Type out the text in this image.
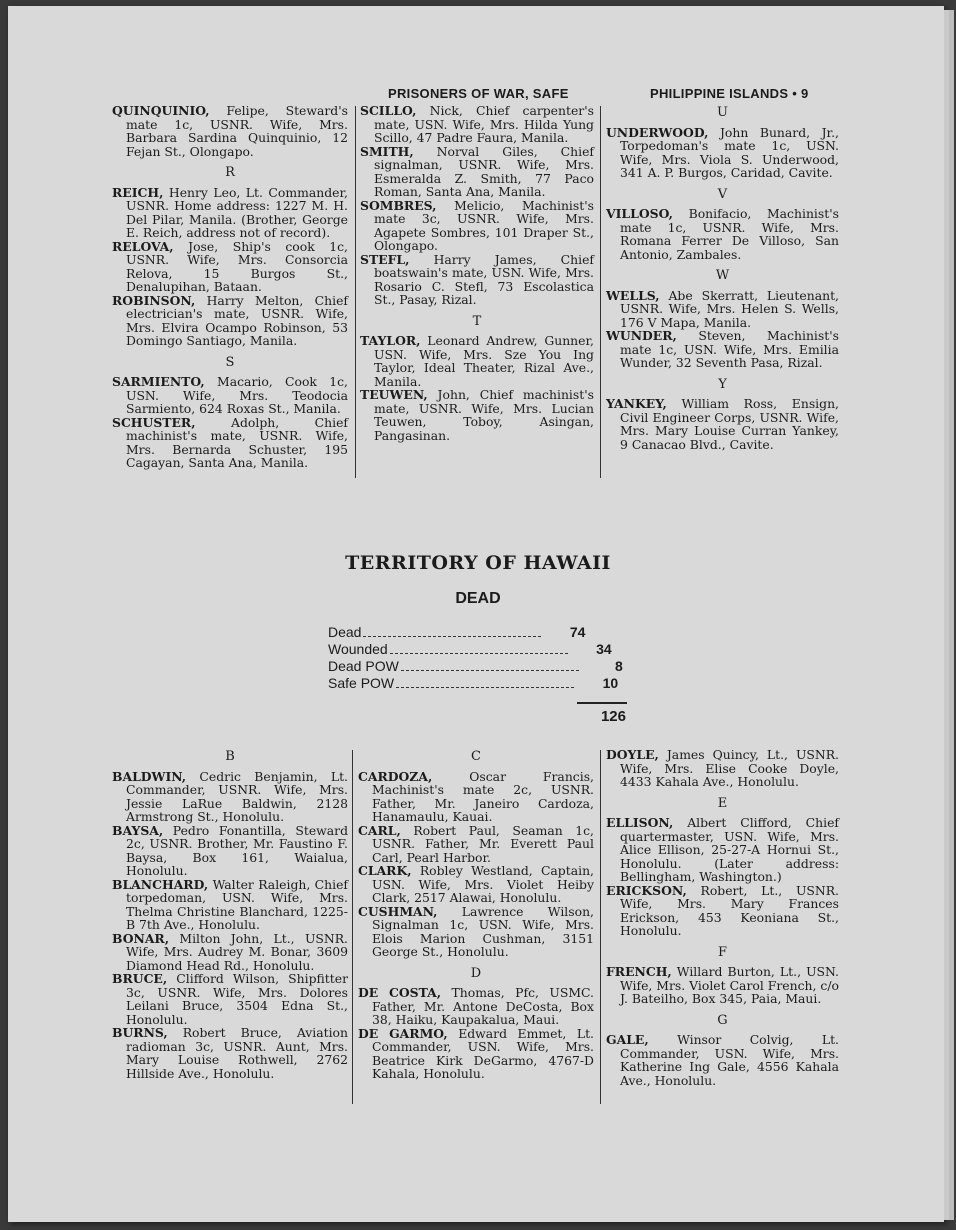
PRISONERS OF WAR, SAFE	PHILIPPINE ISLANDS • 9
QUINQUINIO, Felipe, Steward's mate 1c, USNR. Wife, Mrs. Barbara Sardina Quinquinio, 12 Fejan St., Olongapo.
R
REICH, Henry Leo, Lt. Commander, USNR. Home address: 1227 M. H. Del Pilar, Manila. (Brother, George E. Reich, address not of record).
RELOVA, Jose, Ship's cook 1c, USNR. Wife, Mrs. Consorcia Relova, 15 Burgos St., Denalupihan, Bataan.
ROBINSON, Harry Melton, Chief electrician's mate, USNR. Wife, Mrs. Elvira Ocampo Robinson, 53 Domingo Santiago, Manila.
S
SARMIENTO, Macario, Cook 1c, USN. Wife, Mrs. Teodocia Sarmiento, 624 Roxas St., Manila.
SCHUSTER, Adolph, Chief machinist's mate, USNR. Wife, Mrs. Bernarda Schuster, 195 Cagayan, Santa Ana, Manila.
SCILLO, Nick, Chief carpenter's mate, USN. Wife, Mrs. Hilda Yung Scillo, 47 Padre Faura, Manila.
SMITH, Norval Giles, Chief signalman, USNR. Wife, Mrs. Esmeralda Z. Smith, 77 Paco Roman, Santa Ana, Manila.
SOMBRES, Melicio, Machinist's mate 3c, USNR. Wife, Mrs. Agapete Sombres, 101 Draper St., Olongapo.
STEFL, Harry James, Chief boatswain's mate, USN. Wife, Mrs. Rosario C. Stefl, 73 Escolastica St., Pasay, Rizal.
T
TAYLOR, Leonard Andrew, Gunner, USN. Wife, Mrs. Sze You Ing Taylor, Ideal Theater, Rizal Ave., Manila.
TEUWEN, John, Chief machinist's mate, USNR. Wife, Mrs. Lucian Teuwen, Toboy, Asingan, Pangasinan.
U
UNDERWOOD, John Bunard, Jr., Torpedoman's mate 1c, USN. Wife, Mrs. Viola S. Underwood, 341 A. P. Burgos, Caridad, Cavite.
V
VILLOSO, Bonifacio, Machinist's mate 1c, USNR. Wife, Mrs. Romana Ferrer De Villoso, San Antonio, Zambales.
W
WELLS, Abe Skerratt, Lieutenant, USNR. Wife, Mrs. Helen S. Wells, 176 V Mapa, Manila.
WUNDER, Steven, Machinist's mate 1c, USN. Wife, Mrs. Emilia Wunder, 32 Seventh Pasa, Rizal.
Y
YANKEY, William Ross, Ensign, Civil Engineer Corps, USNR. Wife, Mrs. Mary Louise Curran Yankey, 9 Canacao Blvd., Cavite.
TERRITORY OF HAWAII
DEAD
Dead	74
Wounded	34
Dead POW	8
Safe POW	10
126
B
BALDWIN, Cedric Benjamin, Lt. Commander, USNR. Wife, Mrs. Jessie LaRue Baldwin, 2128 Armstrong St., Honolulu.
BAYSA, Pedro Fonantilla, Steward 2c, USNR. Brother, Mr. Faustino F. Baysa, Box 161, Waialua, Honolulu.
BLANCHARD, Walter Raleigh, Chief torpedoman, USN. Wife, Mrs. Thelma Christine Blanchard, 1225-B 7th Ave., Honolulu.
BONAR, Milton John, Lt., USNR. Wife, Mrs. Audrey M. Bonar, 3609 Diamond Head Rd., Honolulu.
BRUCE, Clifford Wilson, Shipfitter 3c, USNR. Wife, Mrs. Dolores Leilani Bruce, 3504 Edna St., Honolulu.
BURNS, Robert Bruce, Aviation radioman 3c, USNR. Aunt, Mrs. Mary Louise Rothwell, 2762 Hillside Ave., Honolulu.
C
CARDOZA, Oscar Francis, Machinist's mate 2c, USNR. Father, Mr. Janeiro Cardoza, Hanamaulu, Kauai.
CARL, Robert Paul, Seaman 1c, USNR. Father, Mr. Everett Paul Carl, Pearl Harbor.
CLARK, Robley Westland, Captain, USN. Wife, Mrs. Violet Heiby Clark, 2517 Alawai, Honolulu.
CUSHMAN, Lawrence Wilson, Signalman 1c, USN. Wife, Mrs. Elois Marion Cushman, 3151 George St., Honolulu.
D
DE COSTA, Thomas, Pfc, USMC. Father, Mr. Antone DeCosta, Box 38, Haiku, Kaupakalua, Maui.
DE GARMO, Edward Emmet, Lt. Commander, USN. Wife, Mrs. Beatrice Kirk DeGarmo, 4767-D Kahala, Honolulu.
DOYLE, James Quincy, Lt., USNR. Wife, Mrs. Elise Cooke Doyle, 4433 Kahala Ave., Honolulu.
E
ELLISON, Albert Clifford, Chief quartermaster, USN. Wife, Mrs. Alice Ellison, 25-27-A Hornui St., Honolulu. (Later address: Bellingham, Washington.)
ERICKSON, Robert, Lt., USNR. Wife, Mrs. Mary Frances Erickson, 453 Keoniana St., Honolulu.
F
FRENCH, Willard Burton, Lt., USN. Wife, Mrs. Violet Carol French, c/o J. Bateilho, Box 345, Paia, Maui.
G
GALE, Winsor Colvig, Lt. Commander, USN. Wife, Mrs. Katherine Ing Gale, 4556 Kahala Ave., Honolulu.
